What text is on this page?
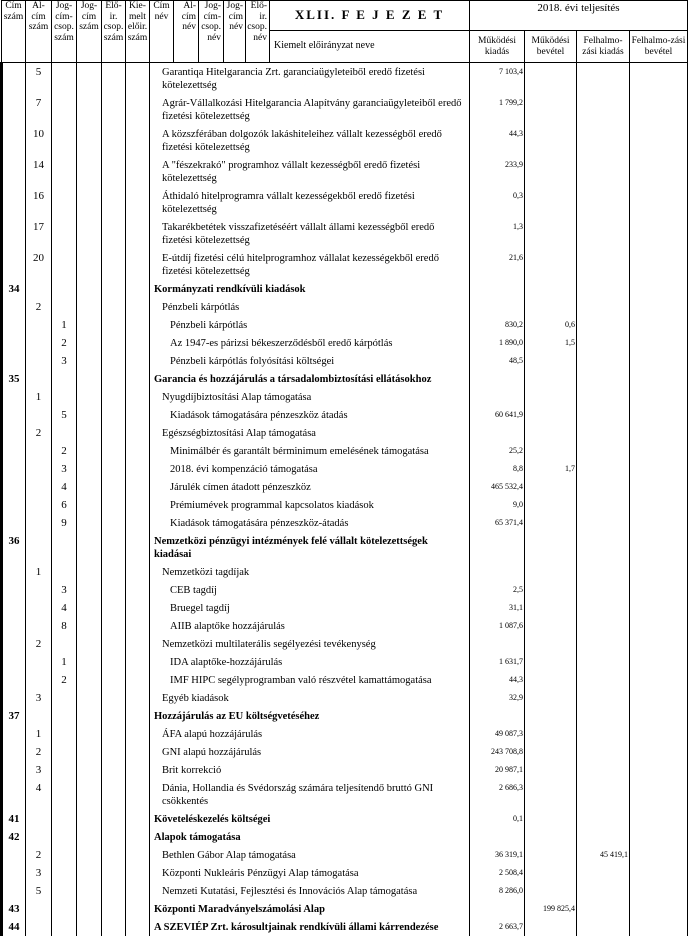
Cím szám	Al-cím szám	Jog-cím-csop. szám	Jog-cím szám	Elő-ir. csop. szám	Kie-melt előir. szám	Cím név	Al-cím név	Jog-cím-csop. név	Jog-cím név	Elő-ir. csop. név	XLII. F E J E Z E T	2018. évi teljesítés			
											Kiemelt előirányzat neve	Működési kiadás	Működési bevétel	Felhalmo-zási kiadás	Felhalmo-zási bevétel
	5					Garantiqa Hitelgarancia Zrt. garanciaügyleteiből eredő fizetési kötelezettség						7 103,4			
	7					Agrár-Vállalkozási Hitelgarancia Alapítvány garanciaügyleteiből eredő fizetési kötelezettség						1 799,2			
	10					A közszférában dolgozók lakáshiteleihez vállalt kezességből eredő fizetési kötelezettség						44,3			
	14					A "fészekrakó" programhoz vállalt kezességből eredő fizetési kötelezettség						233,9			
	16					Áthidaló hitelprogramra vállalt kezességekből eredő fizetési kötelezettség						0,3			
	17					Takarékbetétek visszafizetéséért vállalt állami kezességből eredő fizetési kötelezettség						1,3			
	20					E-útdíj fizetési célú hitelprogramhoz vállalat kezességekből eredő fizetési kötelezettség						21,6			
34						Kormányzati rendkívüli kiadások									
	2					Pénzbeli kárpótlás									
		1				Pénzbeli kárpótlás						830,2	0,6		
		2				Az 1947-es párizsi békeszerződésből eredő kárpótlás						1 890,0	1,5		
		3				Pénzbeli kárpótlás folyósítási költségei						48,5			
35						Garancia és hozzájárulás a társadalombiztosítási ellátásokhoz									
	1					Nyugdíjbiztosítási Alap támogatása									
		5				Kiadások támogatására pénzeszköz átadás						60 641,9			
	2					Egészségbiztosítási Alap támogatása									
		2				Minimálbér és garantált bérminimum emelésének támogatása						25,2			
		3				2018. évi kompenzáció támogatása						8,8	1,7		
		4				Járulék címen átadott pénzeszköz						465 532,4			
		6				Prémiumévek programmal kapcsolatos kiadások						9,0			
		9				Kiadások támogatására pénzeszköz-átadás						65 371,4			
36						Nemzetközi pénzügyi intézmények felé vállalt kötelezettségek kiadásai									
	1					Nemzetközi tagdíjak									
		3				CEB tagdíj						2,5			
		4				Bruegel tagdíj						31,1			
		8				AIIB alaptőke hozzájárulás						1 087,6			
	2					Nemzetközi multilaterális segélyezési tevékenység									
		1				IDA alaptőke-hozzájárulás						1 631,7			
		2				IMF HIPC segélyprogramban való részvétel kamattámogatása						44,3			
	3					Egyéb kiadások						32,9			
37						Hozzájárulás az EU költségvetéséhez									
	1					ÁFA alapú hozzájárulás						49 087,3			
	2					GNI alapú hozzájárulás						243 708,8			
	3					Brit korrekció						20 987,1			
	4					Dánia, Hollandia és Svédország számára teljesítendő bruttó GNI csökkentés						2 686,3			
41						Követeléskezelés költségei						0,1			
42						Alapok támogatása									
	2					Bethlen Gábor Alap támogatása						36 319,1		45 419,1	
	3					Központi Nukleáris Pénzügyi Alap támogatása						2 508,4			
	5					Nemzeti Kutatási, Fejlesztési és Innovációs Alap támogatása						8 286,0			
43						Központi Maradványelszámolási Alap							199 825,4		
44						A SZEVIÉP Zrt. károsultjainak rendkívüli állami kárrendezése						2 663,7			
